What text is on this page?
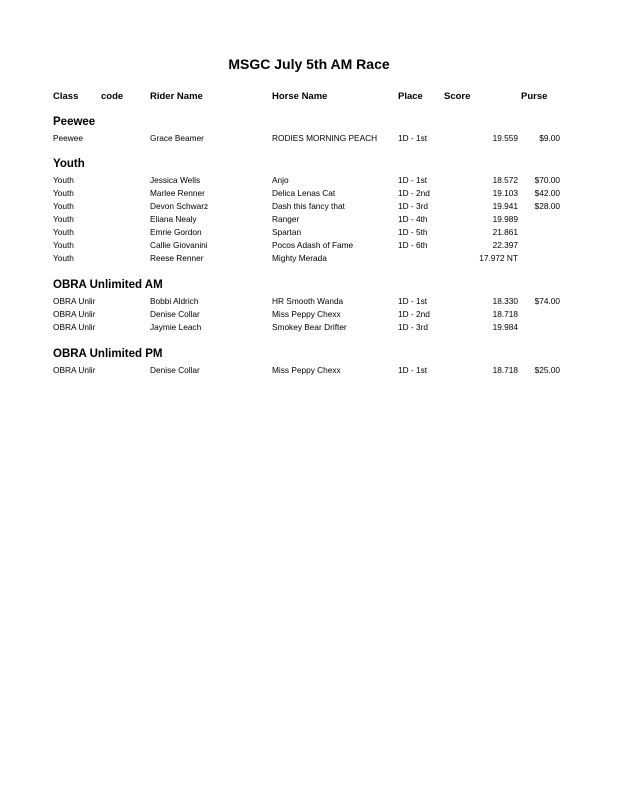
MSGC July 5th AM Race
Class	code	Rider Name	Horse Name	Place Score	Purse
Peewee
Peewee	Grace Beamer	RODIES MORNING PEACH	1D - 1st	19.559	$9.00
Youth
Youth	Jessica Wells	Anjo	1D - 1st	18.572 $70.00
Youth	Marlee Renner	Delica Lenas Cat	1D - 2nd	19.103 $42.00
Youth	Devon Schwarz	Dash this fancy that	1D - 3rd	19.941 $28.00
Youth	Eliana Nealy	Ranger	1D - 4th	19.989
Youth	Emrie Gordon	Spartan	1D - 5th	21.861
Youth	Callie Giovanini	Pocos Adash of Fame	1D - 6th	22.397
Youth	Reese Renner	Mighty Merada	17.972 NT
OBRA Unlimited AM
OBRA Unlir	Bobbi Aldrich	HR Smooth Wanda	1D - 1st	18.330 $74.00
OBRA Unlir	Denise Collar	Miss Peppy Chexx	1D - 2nd	18.718
OBRA Unlir	Jaymie Leach	Smokey Bear Drifter	1D - 3rd	19.984
OBRA Unlimited PM
OBRA Unlir	Denise Collar	Miss Peppy Chexx	1D - 1st	18.718 $25.00
